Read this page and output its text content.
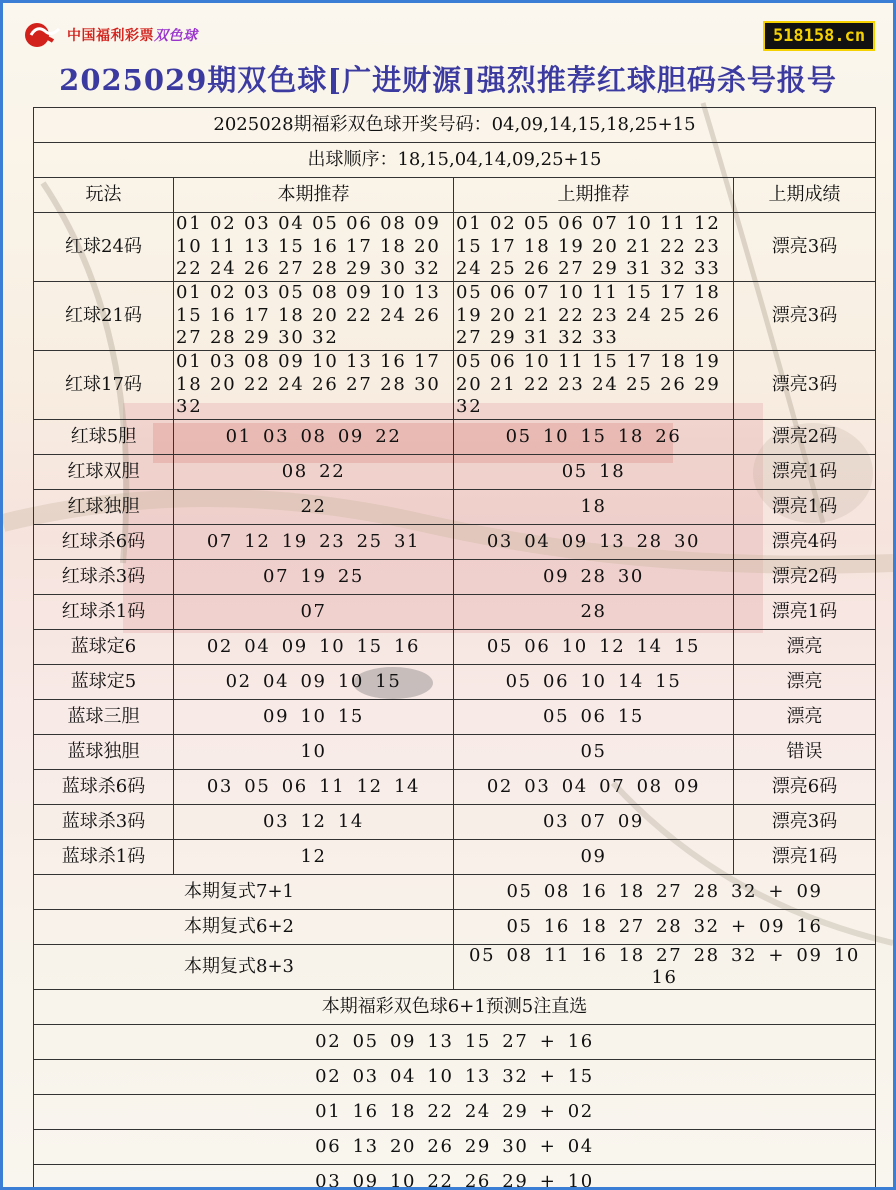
中国福利彩票双色球	518158.cn
2025029期双色球[广进财源]强烈推荐红球胆码杀号报号
2025028期福彩双色球开奖号码：04,09,14,15,18,25+15			
出球顺序：18,15,04,14,09,25+15			
玩法	本期推荐	上期推荐	上期成绩
红球24码	01 02 03 04 05 06 08 09 10 11 13 15 16 17 18 20 22 24 26 27 28 29 30 32	01 02 05 06 07 10 11 12 15 17 18 19 20 21 22 23 24 25 26 27 29 31 32 33	漂亮3码
红球21码	01 02 03 05 08 09 10 13 15 16 17 18 20 22 24 26 27 28 29 30 32	05 06 07 10 11 15 17 18 19 20 21 22 23 24 25 26 27 29 31 32 33	漂亮3码
红球17码	01 03 08 09 10 13 16 17 18 20 22 24 26 27 28 30 32	05 06 10 11 15 17 18 19 20 21 22 23 24 25 26 29 32	漂亮3码
红球5胆	01 03 08 09 22	05 10 15 18 26	漂亮2码
红球双胆	08 22	05 18	漂亮1码
红球独胆	22	18	漂亮1码
红球杀6码	07 12 19 23 25 31	03 04 09 13 28 30	漂亮4码
红球杀3码	07 19 25	09 28 30	漂亮2码
红球杀1码	07	28	漂亮1码
蓝球定6	02 04 09 10 15 16	05 06 10 12 14 15	漂亮
蓝球定5	02 04 09 10 15	05 06 10 14 15	漂亮
蓝球三胆	09 10 15	05 06 15	漂亮
蓝球独胆	10	05	错误
蓝球杀6码	03 05 06 11 12 14	02 03 04 07 08 09	漂亮6码
蓝球杀3码	03 12 14	03 07 09	漂亮3码
蓝球杀1码	12	09	漂亮1码
本期复式7+1		05 08 16 18 27 28 32 + 09	
本期复式6+2		05 16 18 27 28 32 + 09 16	
本期复式8+3		05 08 11 16 18 27 28 32 + 09 10 16	
本期福彩双色球6+1预测5注直选			
02 05 09 13 15 27 + 16			
02 03 04 10 13 32 + 15			
01 16 18 22 24 29 + 02			
06 13 20 26 29 30 + 04			
03 09 10 22 26 29 + 10			
